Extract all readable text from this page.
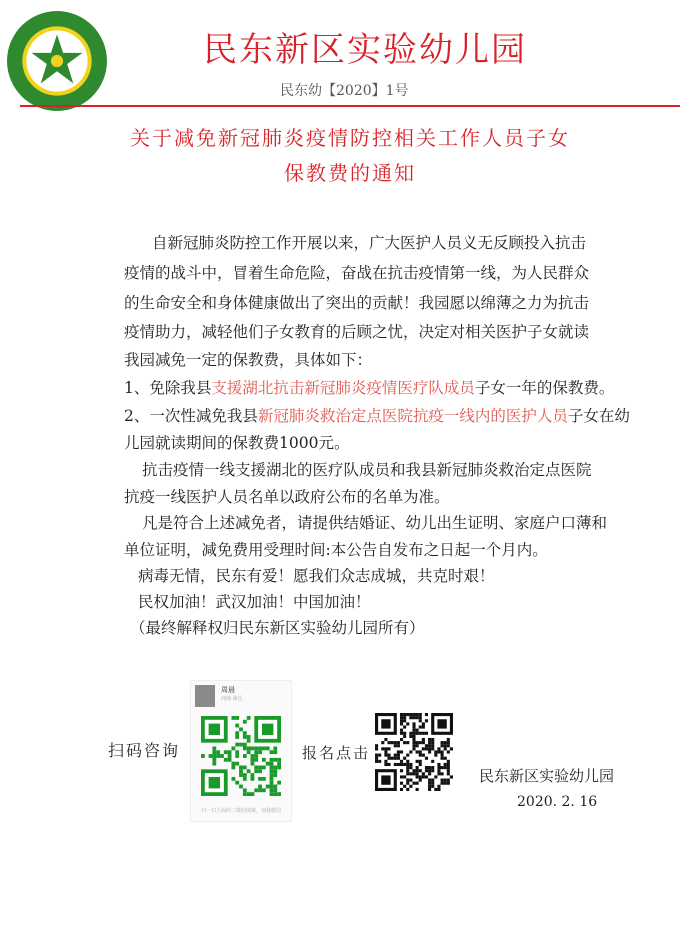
民东新区实验幼儿园
民东幼【2020】1号
关于减免新冠肺炎疫情防控相关工作人员子女
保教费的通知
自新冠肺炎防控工作开展以来，广大医护人员义无反顾投入抗击
疫情的战斗中，冒着生命危险，奋战在抗击疫情第一线，为人民群众
的生命安全和身体健康做出了突出的贡献！我园愿以绵薄之力为抗击
疫情助力，减轻他们子女教育的后顾之忧，决定对相关医护子女就读
我园减免一定的保教费，具体如下：
1、免除我县支援湖北抗击新冠肺炎疫情医疗队成员子女一年的保教费。
2、一次性减免我县新冠肺炎救治定点医院抗疫一线内的医护人员子女在幼
儿园就读期间的保教费1000元。
抗击疫情一线支援湖北的医疗队成员和我县新冠肺炎救治定点医院
抗疫一线医护人员名单以政府公布的名单为准。
凡是符合上述减免者，请提供结婚证、幼儿出生证明、家庭户口薄和
单位证明，减免费用受理时间:本公告自发布之日起一个月内。
病毒无情，民东有爱！愿我们众志成城，共克时艰！
民权加油！武汉加油！中国加油！
（最终解释权归民东新区实验幼儿园所有）
扫码咨询
周晨
河南 商丘
扫一扫上面的二维码图案，加我微信
报名点击
民东新区实验幼儿园
2020. 2. 16
